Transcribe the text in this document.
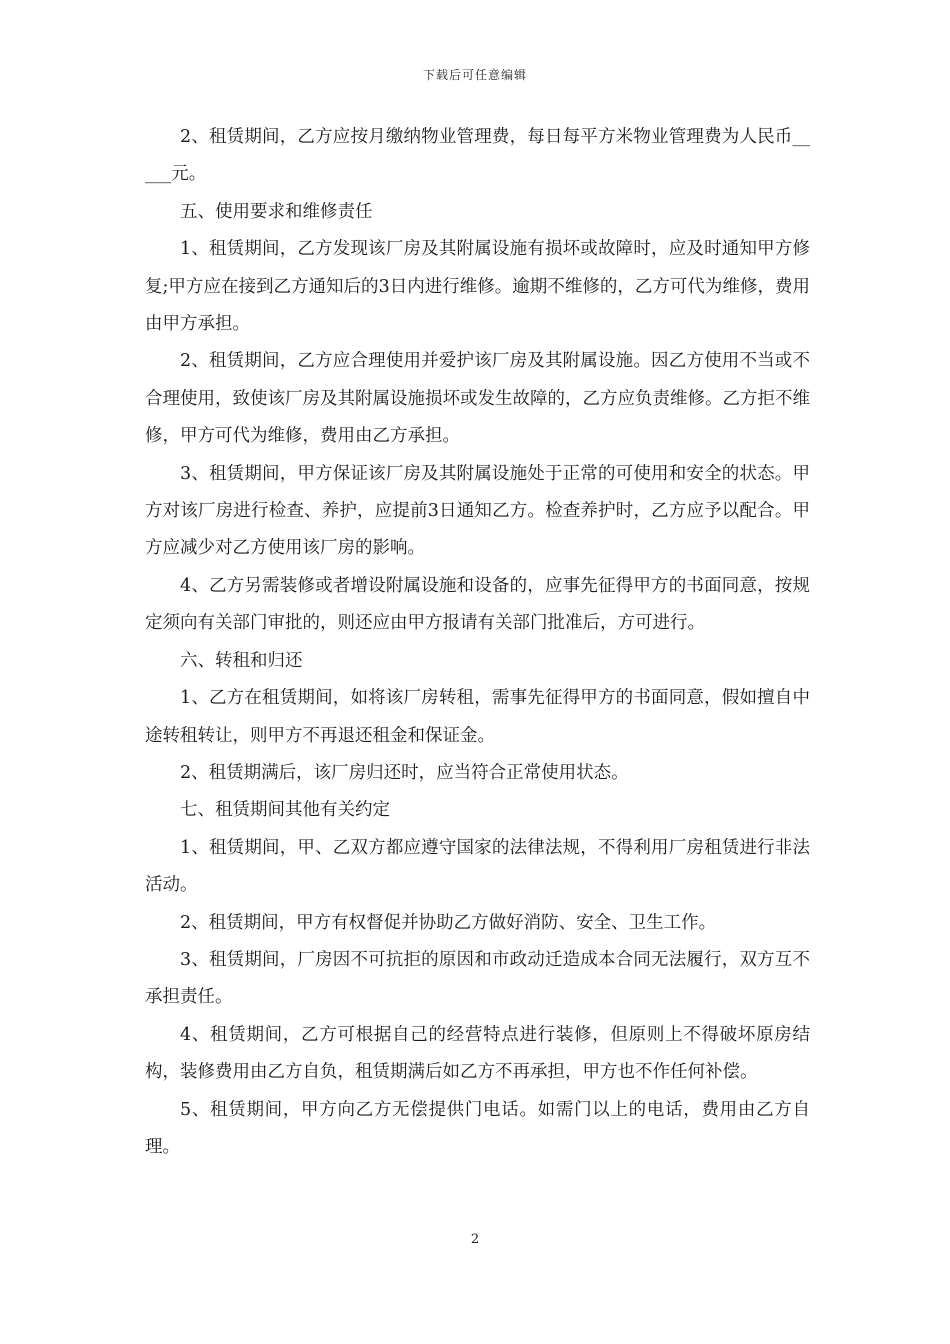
下载后可任意编辑

2、租赁期间，乙方应按月缴纳物业管理费，每日每平方米物业管理费为人民币_____元。

五、使用要求和维修责任

1、租赁期间，乙方发现该厂房及其附属设施有损坏或故障时，应及时通知甲方修复;甲方应在接到乙方通知后的3日内进行维修。逾期不维修的，乙方可代为维修，费用由甲方承担。

2、租赁期间，乙方应合理使用并爱护该厂房及其附属设施。因乙方使用不当或不合理使用，致使该厂房及其附属设施损坏或发生故障的，乙方应负责维修。乙方拒不维修，甲方可代为维修，费用由乙方承担。

3、租赁期间，甲方保证该厂房及其附属设施处于正常的可使用和安全的状态。甲方对该厂房进行检查、养护，应提前3日通知乙方。检查养护时，乙方应予以配合。甲方应减少对乙方使用该厂房的影响。

4、乙方另需装修或者增设附属设施和设备的，应事先征得甲方的书面同意，按规定须向有关部门审批的，则还应由甲方报请有关部门批准后，方可进行。

六、转租和归还

1、乙方在租赁期间，如将该厂房转租，需事先征得甲方的书面同意，假如擅自中途转租转让，则甲方不再退还租金和保证金。

2、租赁期满后，该厂房归还时，应当符合正常使用状态。

七、租赁期间其他有关约定

1、租赁期间，甲、乙双方都应遵守国家的法律法规，不得利用厂房租赁进行非法活动。

2、租赁期间，甲方有权督促并协助乙方做好消防、安全、卫生工作。

3、租赁期间，厂房因不可抗拒的原因和市政动迁造成本合同无法履行，双方互不承担责任。

4、租赁期间，乙方可根据自己的经营特点进行装修，但原则上不得破坏原房结构，装修费用由乙方自负，租赁期满后如乙方不再承担，甲方也不作任何补偿。

5、租赁期间，甲方向乙方无偿提供门电话。如需门以上的电话，费用由乙方自理。

2
